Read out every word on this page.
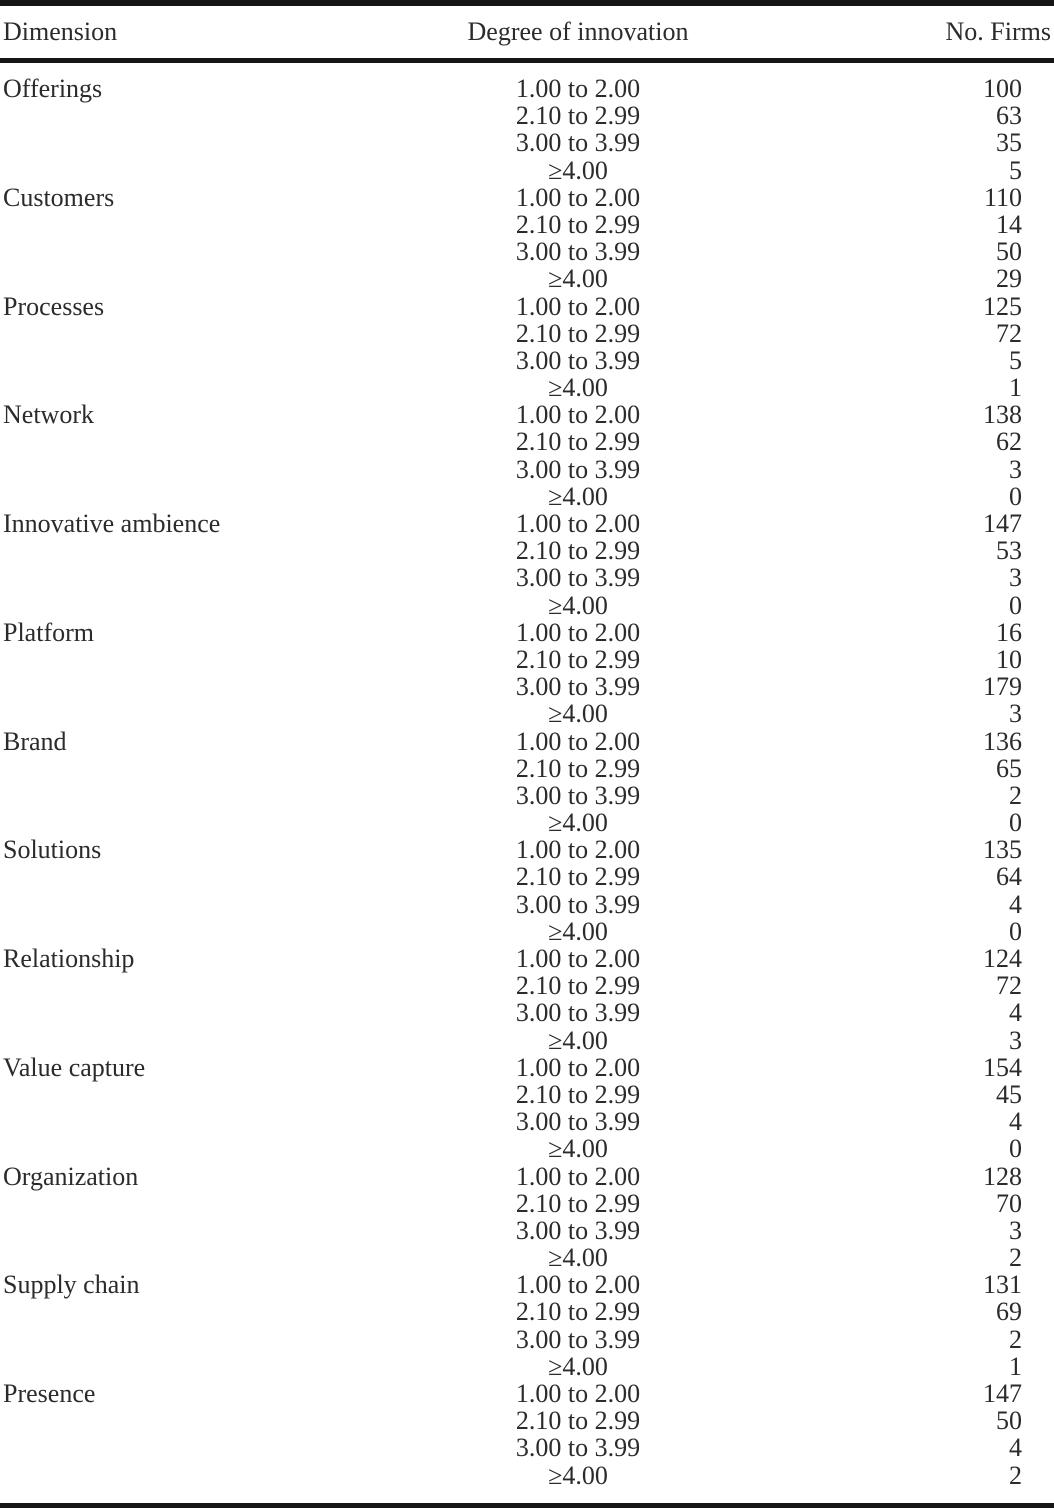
Dimension	Degree of innovation	No. Firms
Offerings	1.00 to 2.00	100
2.10 to 2.99	63
3.00 to 3.99	35
≥4.00	5
Customers	1.00 to 2.00	110
2.10 to 2.99	14
3.00 to 3.99	50
≥4.00	29
Processes	1.00 to 2.00	125
2.10 to 2.99	72
3.00 to 3.99	5
≥4.00	1
Network	1.00 to 2.00	138
2.10 to 2.99	62
3.00 to 3.99	3
≥4.00	0
Innovative ambience	1.00 to 2.00	147
2.10 to 2.99	53
3.00 to 3.99	3
≥4.00	0
Platform	1.00 to 2.00	16
2.10 to 2.99	10
3.00 to 3.99	179
≥4.00	3
Brand	1.00 to 2.00	136
2.10 to 2.99	65
3.00 to 3.99	2
≥4.00	0
Solutions	1.00 to 2.00	135
2.10 to 2.99	64
3.00 to 3.99	4
≥4.00	0
Relationship	1.00 to 2.00	124
2.10 to 2.99	72
3.00 to 3.99	4
≥4.00	3
Value capture	1.00 to 2.00	154
2.10 to 2.99	45
3.00 to 3.99	4
≥4.00	0
Organization	1.00 to 2.00	128
2.10 to 2.99	70
3.00 to 3.99	3
≥4.00	2
Supply chain	1.00 to 2.00	131
2.10 to 2.99	69
3.00 to 3.99	2
≥4.00	1
Presence	1.00 to 2.00	147
2.10 to 2.99	50
3.00 to 3.99	4
≥4.00	2
